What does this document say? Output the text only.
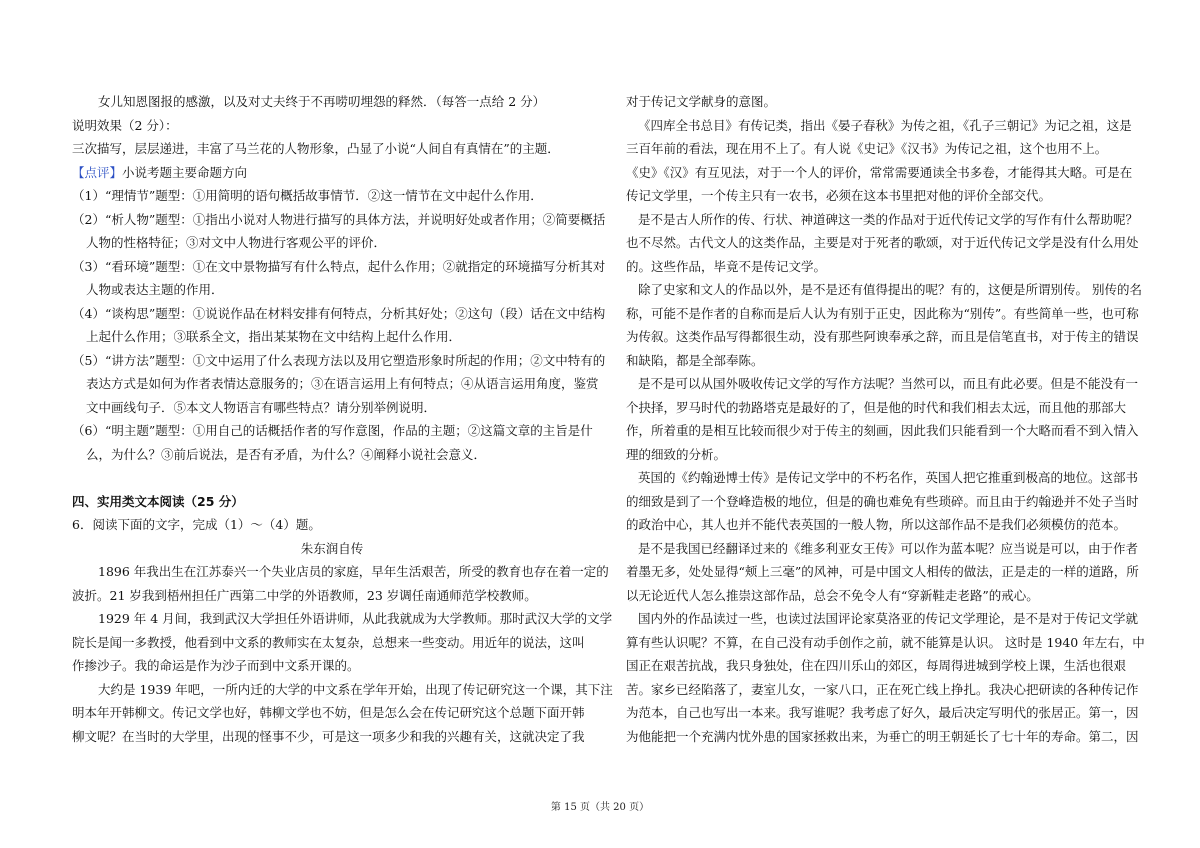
女儿知恩图报的感激，以及对丈夫终于不再唠叨埋怨的释然．（每答一点给 2 分）
说明效果（2 分）：
三次描写，层层递进，丰富了马兰花的人物形象，凸显了小说“人间自有真情在”的主题．
【点评】小说考题主要命题方向
（1）“理情节”题型：①用简明的语句概括故事情节．②这一情节在文中起什么作用．
（2）“析人物”题型：①指出小说对人物进行描写的具体方法，并说明好处或者作用；②简要概括
人物的性格特征；③对文中人物进行客观公平的评价．
（3）“看环境”题型：①在文中景物描写有什么特点，起什么作用；②就指定的环境描写分析其对
人物或表达主题的作用．
（4）“谈构思”题型：①说说作品在材料安排有何特点，分析其好处；②这句（段）话在文中结构
上起什么作用；③联系全文，指出某某物在文中结构上起什么作用．
（5）“讲方法”题型：①文中运用了什么表现方法以及用它塑造形象时所起的作用；②文中特有的
表达方式是如何为作者表情达意服务的；③在语言运用上有何特点；④从语言运用角度，鉴赏
文中画线句子．⑤本文人物语言有哪些特点？请分别举例说明．
（6）“明主题”题型：①用自己的话概括作者的写作意图，作品的主题；②这篇文章的主旨是什
么，为什么？③前后说法，是否有矛盾，为什么？④阐释小说社会意义．
四、实用类文本阅读（25 分）
6．阅读下面的文字，完成（1）～（4）题。
朱东润自传
1896 年我出生在江苏泰兴一个失业店员的家庭，早年生活艰苦，所受的教育也存在着一定的
波折。21 岁我到梧州担任广西第二中学的外语教师，23 岁调任南通师范学校教师。
1929 年 4 月间，我到武汉大学担任外语讲师，从此我就成为大学教师。那时武汉大学的文学
院长是闻一多教授，他看到中文系的教师实在太复杂，总想来一些变动。用近年的说法，这叫
作掺沙子。我的命运是作为沙子而到中文系开课的。
大约是 1939 年吧，一所内迁的大学的中文系在学年开始，出现了传记研究这一个课，其下注
明本年开韩柳文。传记文学也好，韩柳文学也不妨，但是怎么会在传记研究这个总题下面开韩
柳文呢？在当时的大学里，出现的怪事不少，可是这一项多少和我的兴趣有关，这就决定了我
对于传记文学献身的意图。
《四库全书总目》有传记类，指出《晏子春秋》为传之祖，《孔子三朝记》为记之祖，这是
三百年前的看法，现在用不上了。有人说《史记》《汉书》为传记之祖，这个也用不上。
《史》《汉》有互见法，对于一个人的评价，常常需要通读全书多卷，才能得其大略。可是在
传记文学里，一个传主只有一农书，必须在这本书里把对他的评价全部交代。
是不是古人所作的传、行状、神道碑这一类的作品对于近代传记文学的写作有什么帮助呢？
也不尽然。古代文人的这类作品，主要是对于死者的歌颂，对于近代传记文学是没有什么用处
的。这些作品，毕竟不是传记文学。
除了史家和文人的作品以外，是不是还有值得提出的呢？有的，这便是所谓别传。 别传的名
称，可能不是作者的自称而是后人认为有别于正史，因此称为“别传”。有些简单一些，也可称
为传叙。这类作品写得都很生动，没有那些阿谀奉承之辞，而且是信笔直书，对于传主的错误
和缺陷，都是全部奉陈。
是不是可以从国外吸收传记文学的写作方法呢？当然可以，而且有此必要。但是不能没有一
个抉择，罗马时代的勃路塔克是最好的了，但是他的时代和我们相去太远，而且他的那部大
作，所着重的是相互比较而很少对于传主的刻画，因此我们只能看到一个大略而看不到入情入
理的细致的分析。
英国的《约翰逊博士传》是传记文学中的不朽名作，英国人把它推重到极高的地位。这部书
的细致是到了一个登峰造极的地位，但是的确也难免有些琐碎。而且由于约翰逊并不处子当时
的政治中心，其人也并不能代表英国的一般人物，所以这部作品不是我们必须模仿的范本。
是不是我国已经翻译过来的《维多利亚女王传》可以作为蓝本呢？应当说是可以，由于作者
着墨无多，处处显得“颊上三毫”的风神，可是中国文人相传的做法，正是走的一样的道路，所
以无论近代人怎么推崇这部作品，总会不免令人有“穿新鞋走老路”的戒心。
国内外的作品读过一些，也读过法国评论家莫洛亚的传记文学理论，是不是对于传记文学就
算有些认识呢？不算，在自己没有动手创作之前，就不能算是认识。 这时是 1940 年左右，中
国正在艰苦抗战，我只身独处，住在四川乐山的郊区，每周得进城到学校上课，生活也很艰
苦。家乡已经陷落了，妻室儿女，一家八口，正在死亡线上挣扎。我决心把研读的各种传记作
为范本，自己也写出一本来。我写谁呢？我考虑了好久，最后决定写明代的张居正。第一，因
为他能把一个充满内忧外患的国家拯救出来，为垂亡的明王朝延长了七十年的寿命。第二，因
第 15 页（共 20 页）
